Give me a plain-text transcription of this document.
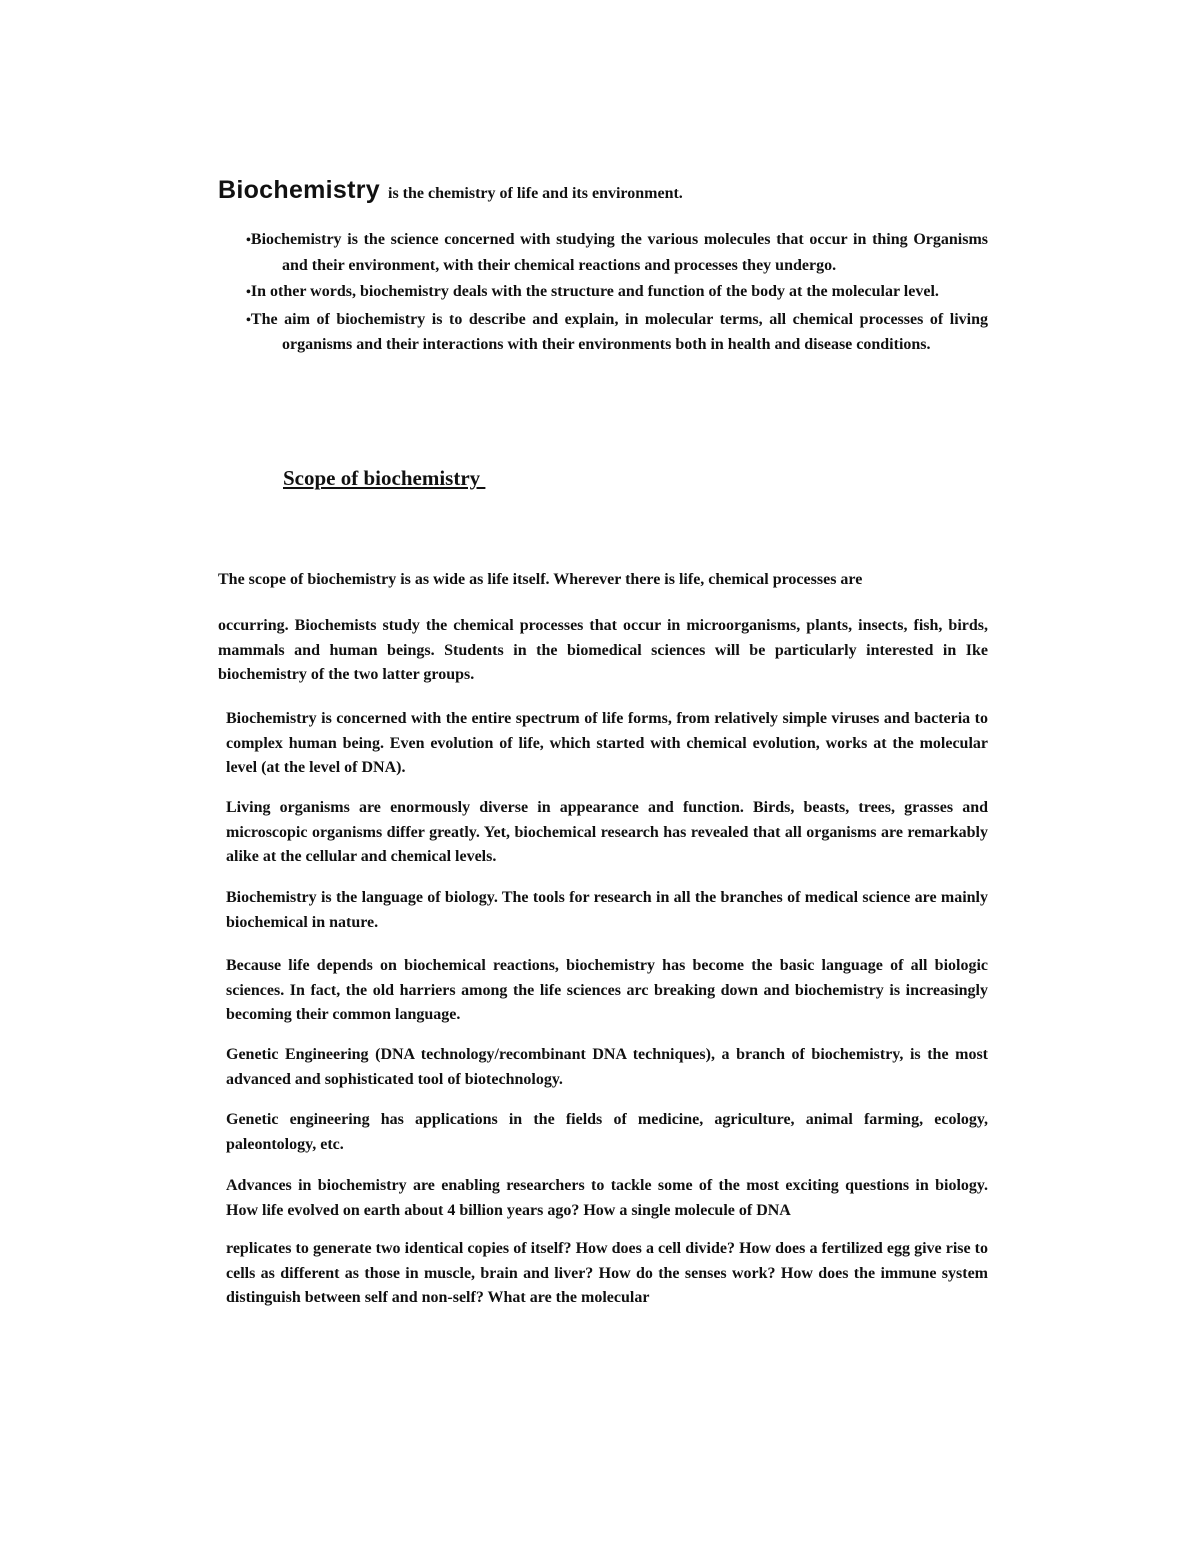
Biochemistry is the chemistry of life and its environment.
•Biochemistry is the science concerned with studying the various molecules that occur in thing Organisms and their environment, with their chemical reactions and processes they undergo.
•In other words, biochemistry deals with the structure and function of the body at the molecular level.
•The aim of biochemistry is to describe and explain, in molecular terms, all chemical processes of living organisms and their interactions with their environments both in health and disease conditions.
Scope of biochemistry

The scope of biochemistry is as wide as life itself. Wherever there is life, chemical processes are

occurring. Biochemists study the chemical processes that occur in microorganisms, plants, insects, fish, birds, mammals and human beings. Students in the biomedical sciences will be particularly interested in Ike biochemistry of the two latter groups.

Biochemistry is concerned with the entire spectrum of life forms, from relatively simple viruses and bacteria to complex human being. Even evolution of life, which started with chemical evolution, works at the molecular level (at the level of DNA).

Living organisms are enormously diverse in appearance and function. Birds, beasts, trees, grasses and microscopic organisms differ greatly. Yet, biochemical research has revealed that all organisms are remarkably alike at the cellular and chemical levels.

Biochemistry is the language of biology. The tools for research in all the branches of medical science are mainly biochemical in nature.

Because life depends on biochemical reactions, biochemistry has become the basic language of all biologic sciences. In fact, the old harriers among the life sciences arc breaking down and biochemistry is increasingly becoming their common language.

Genetic Engineering (DNA technology/recombinant DNA techniques), a branch of biochemistry, is the most advanced and sophisticated tool of biotechnology.

Genetic engineering has applications in the fields of medicine, agriculture, animal farming, ecology, paleontology, etc.

Advances in biochemistry are enabling researchers to tackle some of the most exciting questions in biology. How life evolved on earth about 4 billion years ago? How a single molecule of DNA

replicates to generate two identical copies of itself? How does a cell divide? How does a fertilized egg give rise to cells as different as those in muscle, brain and liver? How do the senses work? How does the immune system distinguish between self and non-self? What are the molecular
